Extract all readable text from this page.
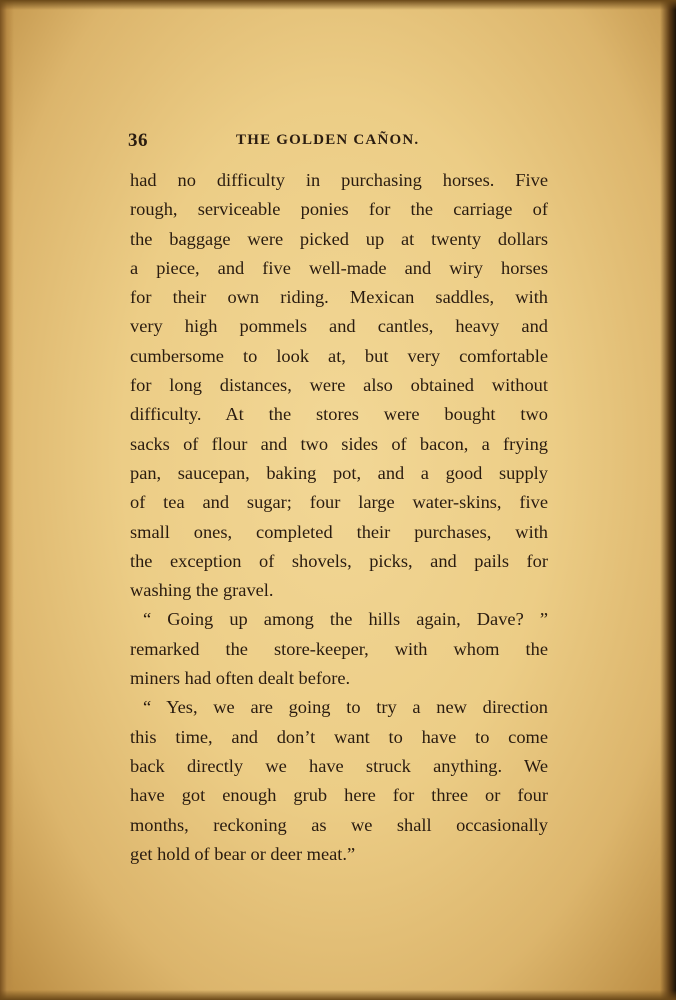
36	THE GOLDEN CAÑON.
had no difficulty in purchasing horses. Five
rough, serviceable ponies for the carriage of
the baggage were picked up at twenty dollars
a piece, and five well-made and wiry horses
for their own riding. Mexican saddles, with
very high pommels and cantles, heavy and
cumbersome to look at, but very comfortable
for long distances, were also obtained without
difficulty. At the stores were bought two
sacks of flour and two sides of bacon, a frying
pan, saucepan, baking pot, and a good supply
of tea and sugar; four large water-skins, five
small ones, completed their purchases, with
the exception of shovels, picks, and pails for
washing the gravel.
“ Going up among the hills again, Dave? ”
remarked the store-keeper, with whom the
miners had often dealt before.
“ Yes, we are going to try a new direction
this time, and don’t want to have to come
back directly we have struck anything. We
have got enough grub here for three or four
months, reckoning as we shall occasionally
get hold of bear or deer meat.”
